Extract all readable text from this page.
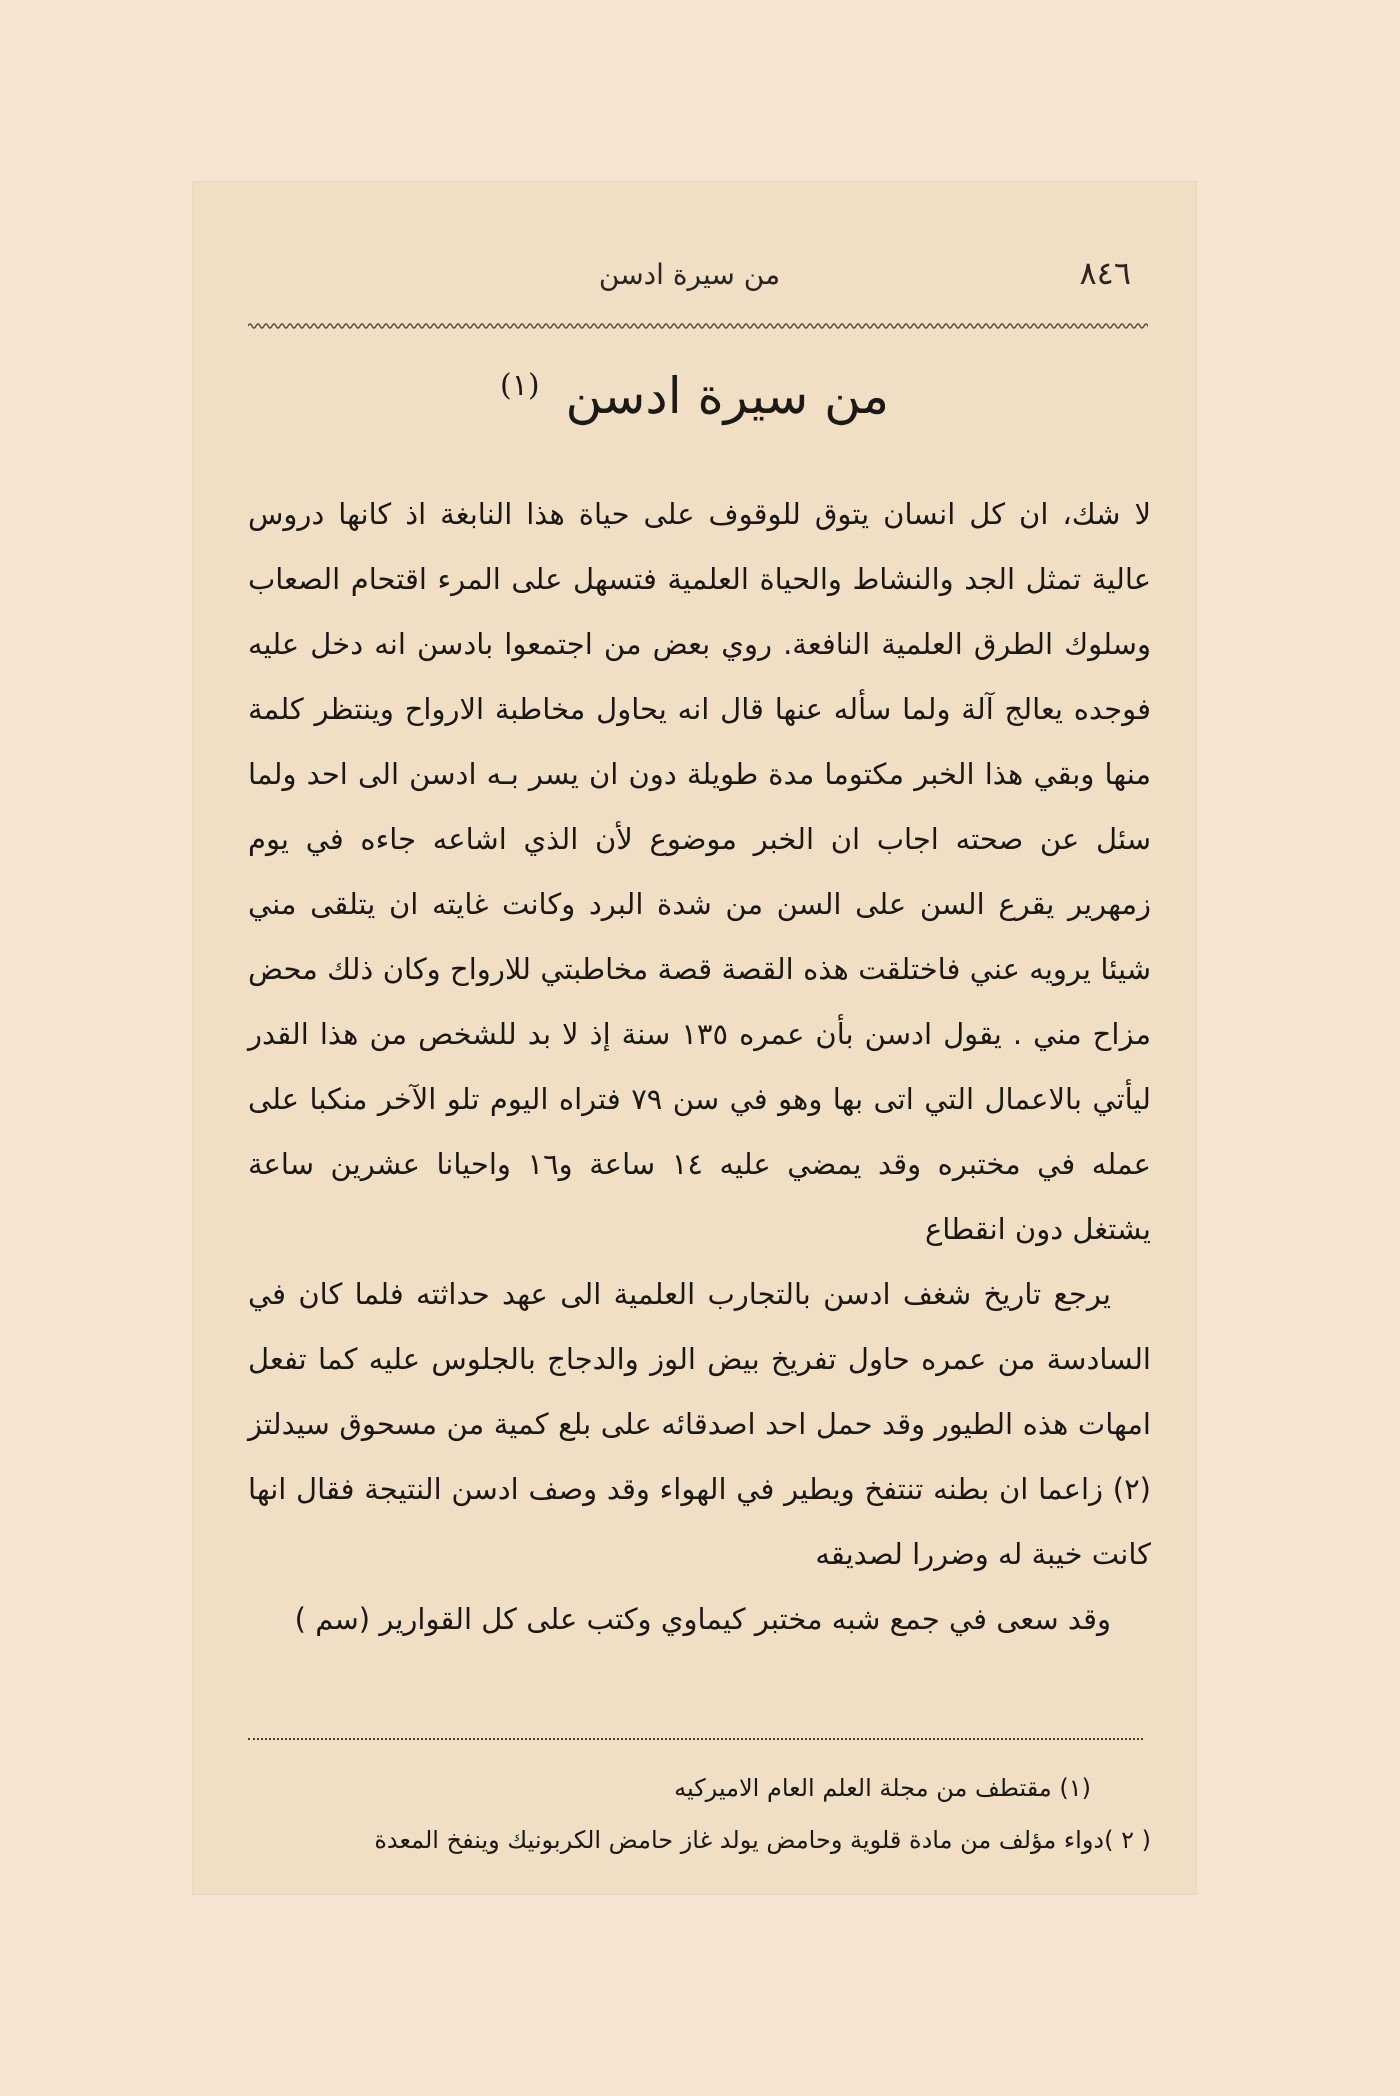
٨٤٦
من سيرة ادسن
من سيرة ادسن $^{(١)}$

لا شك، ان كل انسان يتوق للوقوف على حياة هذا النابغة اذ كانها دروس عالية تمثل الجد والنشاط والحياة العلمية فتسهل على المرء اقتحام الصعاب وسلوك الطرق العلمية النافعة. روي بعض من اجتمعوا بادسن انه دخل عليه فوجده يعالج آلة ولما سأله عنها قال انه يحاول مخاطبة الارواح وينتظر كلمة منها وبقي هذا الخبر مكتوما مدة طويلة دون ان يسر بـه ادسن الى احد ولما سئل عن صحته اجاب ان الخبر موضوع لأن الذي اشاعه جاءه في يوم زمهرير يقرع السن على السن من شدة البرد وكانت غايته ان يتلقى مني شيئا يرويه عني فاختلقت هذه القصة قصة مخاطبتي للارواح وكان ذلك محض مزاح مني . يقول ادسن بأن عمره ١٣٥ سنة إذ لا بد للشخص من هذا القدر ليأتي بالاعمال التي اتى بها وهو في سن ٧٩ فتراه اليوم تلو الآخر منكبا على عمله في مختبره وقد يمضي عليه ١٤ ساعة و١٦ واحيانا عشرين ساعة يشتغل دون انقطاع

يرجع تاريخ شغف ادسن بالتجارب العلمية الى عهد حداثته فلما كان في السادسة من عمره حاول تفريخ بيض الوز والدجاج بالجلوس عليه كما تفعل امهات هذه الطيور وقد حمل احد اصدقائه على بلع كمية من مسحوق سيدلتز (٢) زاعما ان بطنه تنتفخ ويطير في الهواء وقد وصف ادسن النتيجة فقال انها كانت خيبة له وضررا لصديقه

وقد سعى في جمع شبه مختبر كيماوي وكتب على كل القوارير (سم )

(١) مقتطف من مجلة العلم العام الاميركيه

( ٢ )دواء مؤلف من مادة قلوية وحامض يولد غاز حامض الكربونيك وينفخ المعدة
